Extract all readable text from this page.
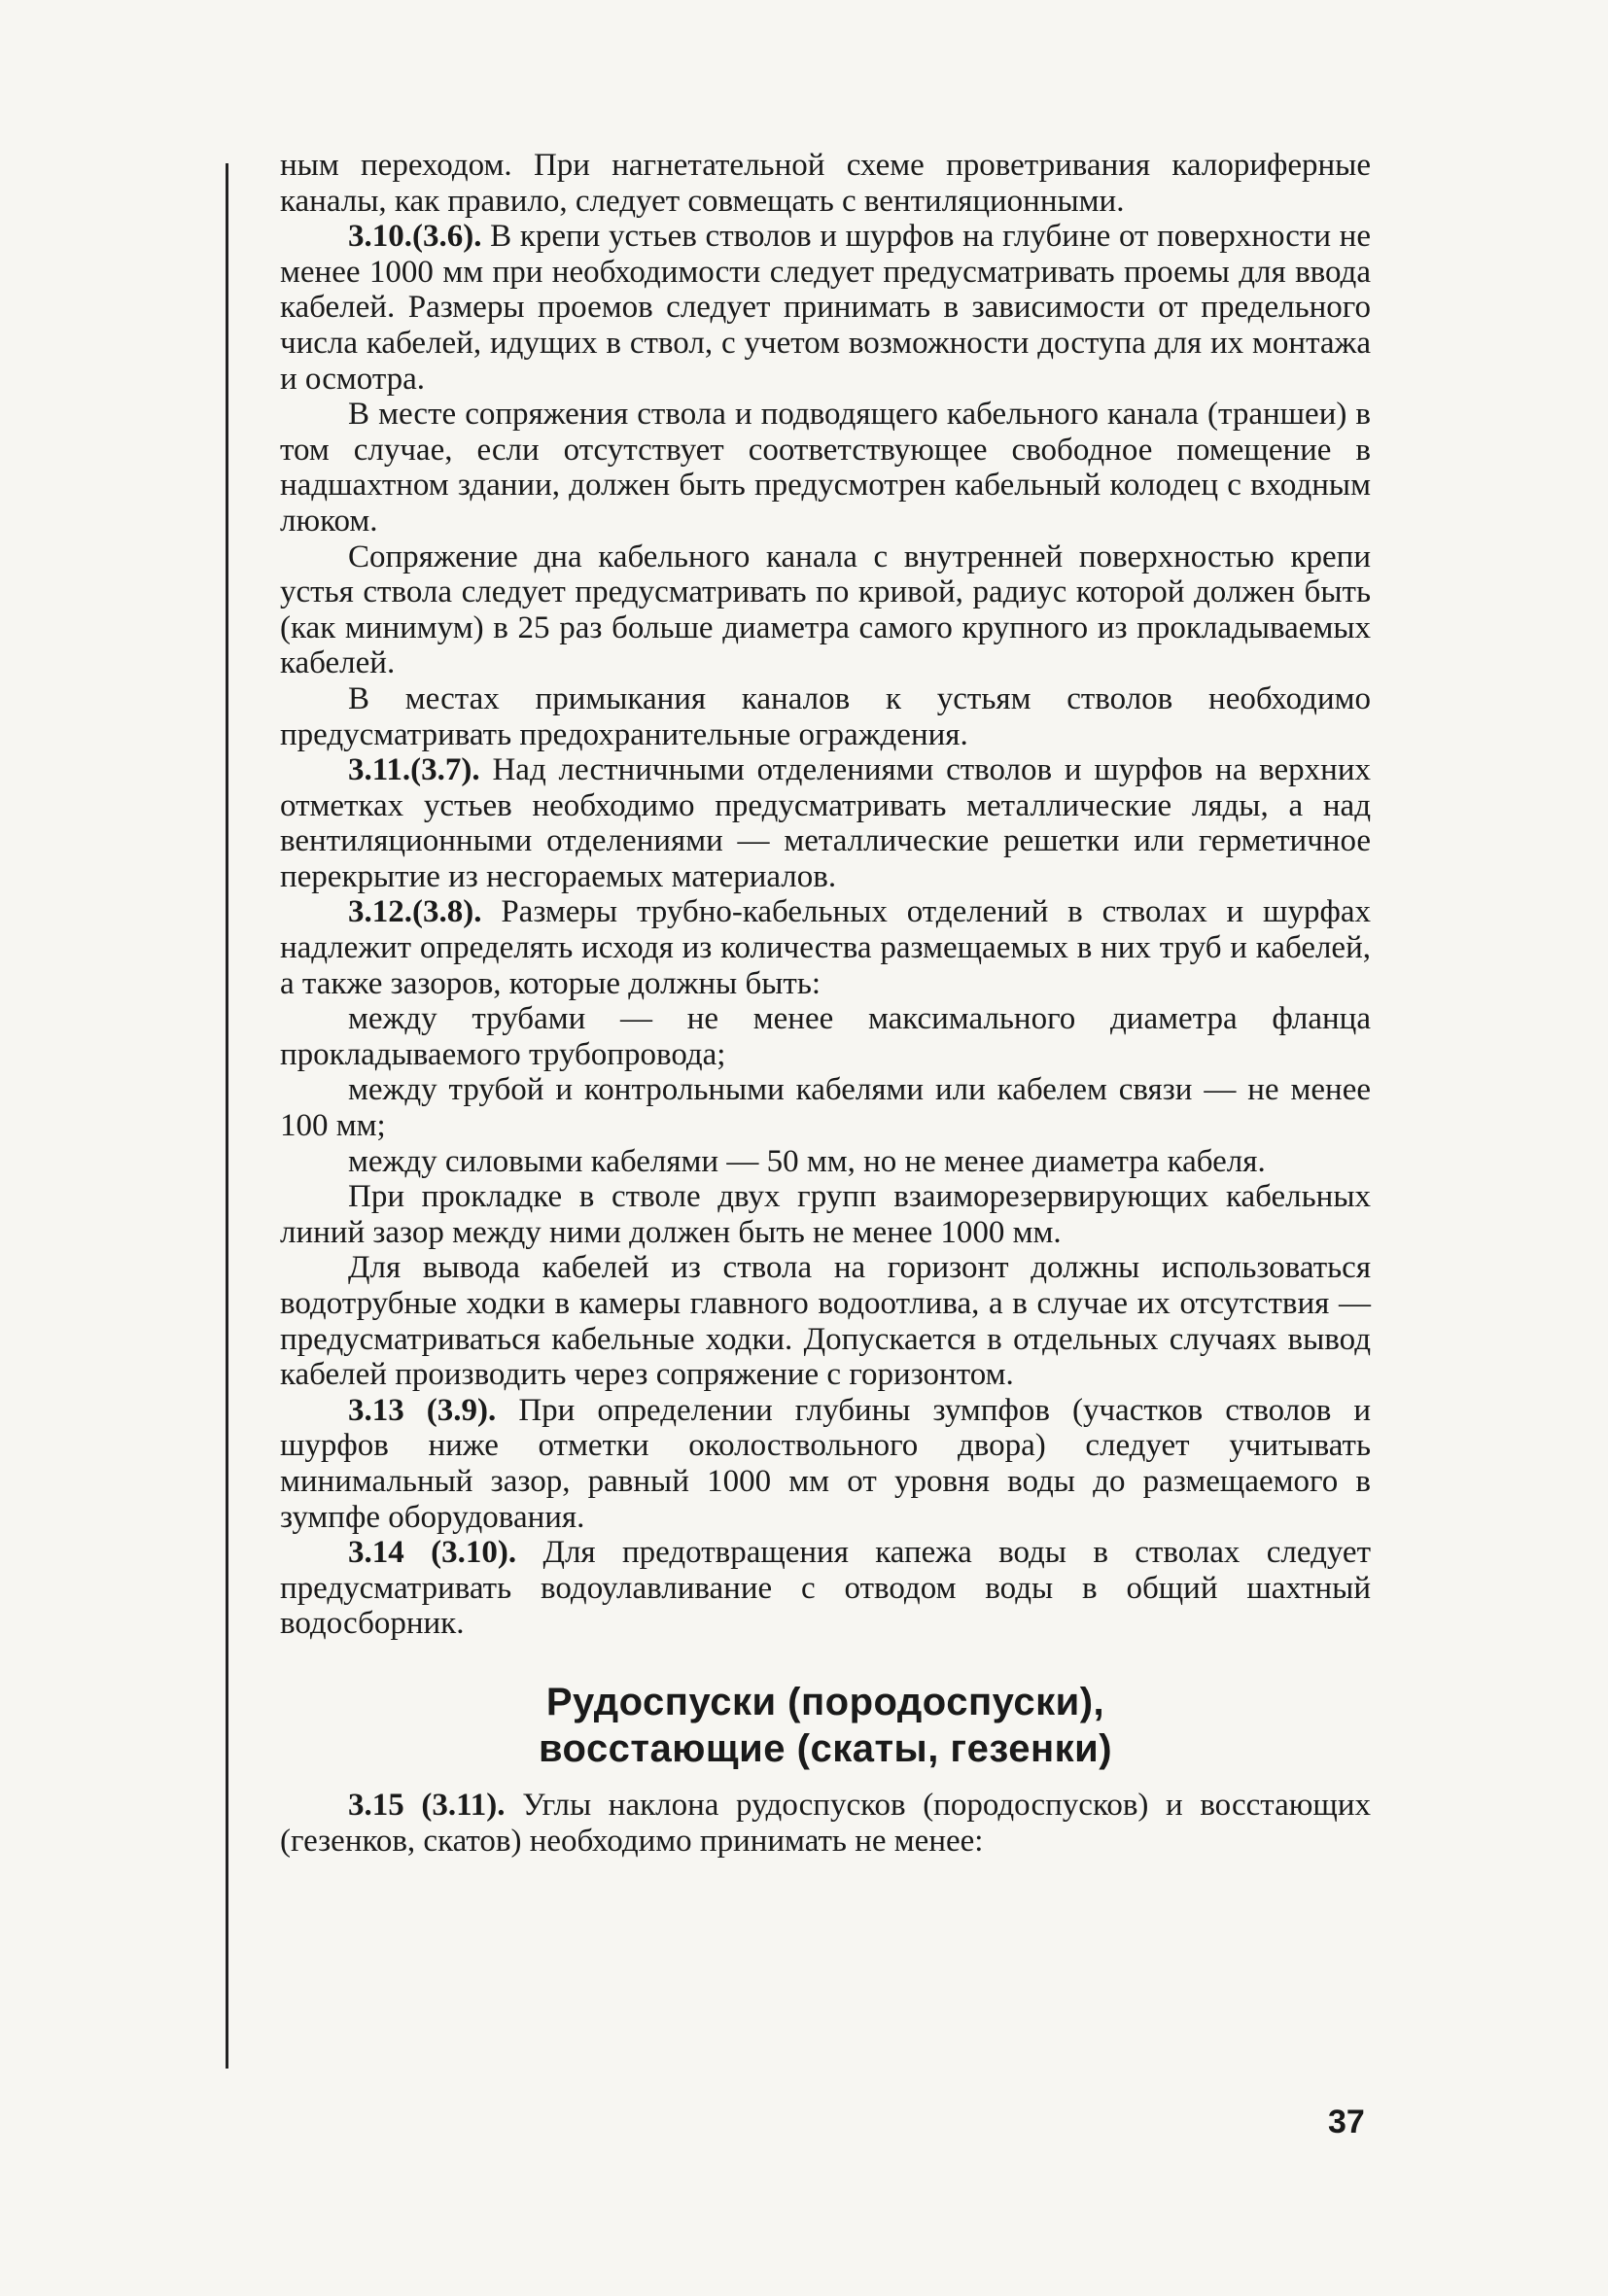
ным переходом. При нагнетательной схеме проветривания калориферные каналы, как правило, следует совмещать с вентиляционными.

3.10.(3.6). В крепи устьев стволов и шурфов на глубине от поверхности не менее 1000 мм при необходимости следует предусматривать проемы для ввода кабелей. Размеры проемов следует принимать в зависимости от предельного числа кабелей, идущих в ствол, с учетом возможности доступа для их монтажа и осмотра.

В месте сопряжения ствола и подводящего кабельного канала (траншеи) в том случае, если отсутствует соответствующее свободное помещение в надшахтном здании, должен быть предусмотрен кабельный колодец с входным люком.

Сопряжение дна кабельного канала с внутренней поверхностью крепи устья ствола следует предусматривать по кривой, радиус которой должен быть (как минимум) в 25 раз больше диаметра самого крупного из прокладываемых кабелей.

В местах примыкания каналов к устьям стволов необходимо предусматривать предохранительные ограждения.

3.11.(3.7). Над лестничными отделениями стволов и шурфов на верхних отметках устьев необходимо предусматривать металлические ляды, а над вентиляционными отделениями — металлические решетки или герметичное перекрытие из несгораемых материалов.

3.12.(3.8). Размеры трубно-кабельных отделений в стволах и шурфах надлежит определять исходя из количества размещаемых в них труб и кабелей, а также зазоров, которые должны быть:

между трубами — не менее максимального диаметра фланца прокладываемого трубопровода;

между трубой и контрольными кабелями или кабелем связи — не менее 100 мм;

между силовыми кабелями — 50 мм, но не менее диаметра кабеля.

При прокладке в стволе двух групп взаиморезервирующих кабельных линий зазор между ними должен быть не менее 1000 мм.

Для вывода кабелей из ствола на горизонт должны использоваться водотрубные ходки в камеры главного водоотлива, а в случае их отсутствия — предусматриваться кабельные ходки. Допускается в отдельных случаях вывод кабелей производить через сопряжение с горизонтом.

3.13 (3.9). При определении глубины зумпфов (участков стволов и шурфов ниже отметки околоствольного двора) следует учитывать минимальный зазор, равный 1000 мм от уровня воды до размещаемого в зумпфе оборудования.

3.14 (3.10). Для предотвращения капежа воды в стволах следует предусматривать водоулавливание с отводом воды в общий шахтный водосборник.

Рудоспуски (породоспуски),
восстающие (скаты, гезенки)

3.15 (3.11). Углы наклона рудоспусков (породоспусков) и восстающих (гезенков, скатов) необходимо принимать не менее:

37
